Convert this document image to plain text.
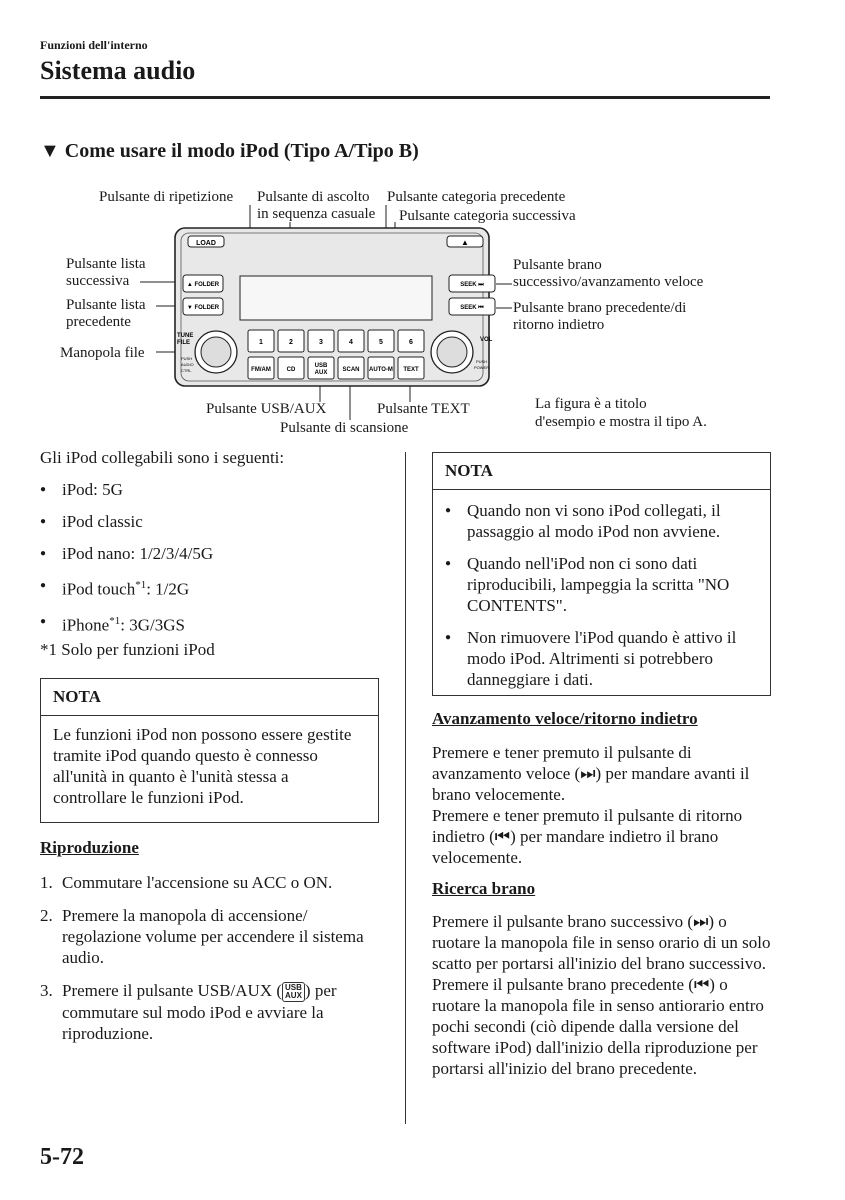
Funzioni dell'interno
Sistema audio
▼ Come usare il modo iPod (Tipo A/Tipo B)
Pulsante di ripetizione Pulsante di ascolto
in sequenza casuale
Pulsante categoria precedente
Pulsante categoria successiva
Pulsante lista
successiva
Pulsante lista
precedente
Manopola file
Pulsante brano
successivo/avanzamento veloce
Pulsante brano precedente/di
ritorno indietro
Pulsante USB/AUX	Pulsante TEXT
Pulsante di scansione
La figura è a titolo
d'esempio e mostra il tipo A.
LOAD	▲
▲ FOLDER
▼ FOLDER
SEEK ⏭
SEEK ⏮
TUNE
FILE
PUSH
AUDIO
CTRL
VOL
PUSH
POWER
1	2	3	4	5	6
FM/AM	CD
USB
AUX	SCAN AUTO-M TEXT
Gli iPod collegabili sono i seguenti:
● iPod: 5G
● iPod classic
● iPod nano: 1/2/3/4/5G
● iPod touch$^{*1}$: 1/2G
● iPhone$^{*1}$: 3G/3GS
*1 Solo per funzioni iPod
NOTA
Le funzioni iPod non possono essere gestite tramite iPod quando questo è connesso all'unità in quanto è l'unità stessa a controllare le funzioni iPod.
Riproduzione
1. Commutare l'accensione su ACC o ON.
2. Premere la manopola di accensione/ regolazione volume per accendere il sistema audio.
3. Premere il pulsante USB/AUX ( USB
AUX ) per commutare sul modo iPod e avviare la riproduzione.
NOTA
● Quando non vi sono iPod collegati, il passaggio al modo iPod non avviene.
● Quando nell'iPod non ci sono dati riproducibili, lampeggia la scritta "NO CONTENTS".
● Non rimuovere l'iPod quando è attivo il modo iPod. Altrimenti si potrebbero danneggiare i dati.
Avanzamento veloce/ritorno indietro
Premere e tener premuto il pulsante di avanzamento veloce (⏭) per mandare avanti il brano velocemente.
Premere e tener premuto il pulsante di ritorno indietro (⏮) per mandare indietro il brano velocemente.
Ricerca brano
Premere il pulsante brano successivo (⏭) o ruotare la manopola file in senso orario di un solo scatto per portarsi all'inizio del brano successivo.
Premere il pulsante brano precedente (⏮) o ruotare la manopola file in senso antiorario entro pochi secondi (ciò dipende dalla versione del software iPod) dall'inizio della riproduzione per portarsi all'inizio del brano precedente.
5-72
